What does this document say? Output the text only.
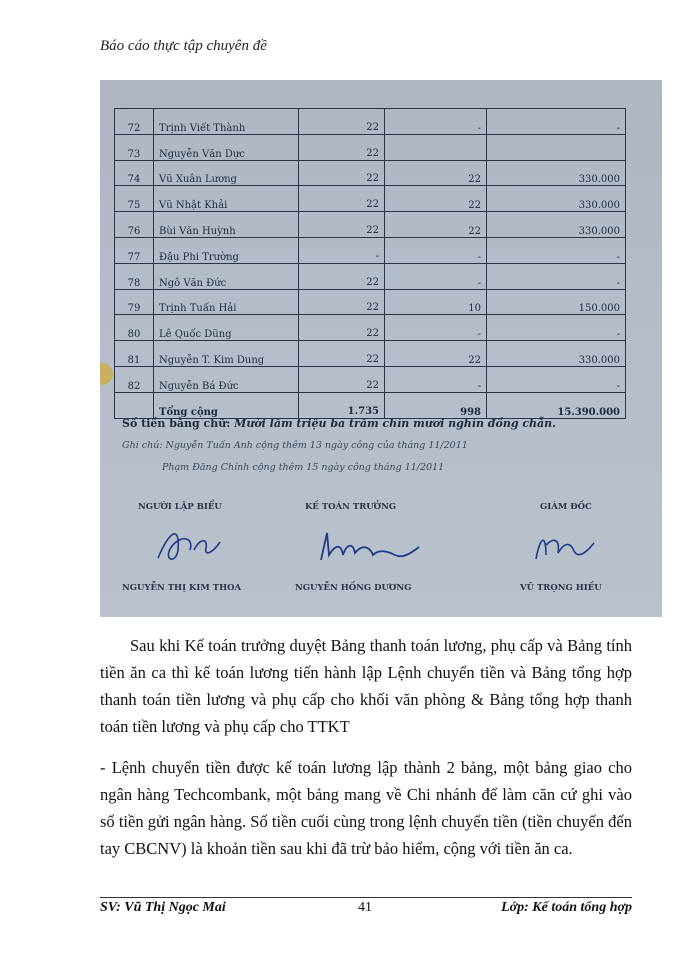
Báo cáo thực tập chuyên đề
72	Trịnh Viết Thành	22	-	-
73	Nguyễn Văn Dực	22		
74	Vũ Xuân Lương	22	22	330.000
75	Vũ Nhật Khải	22	22	330.000
76	Bùi Văn Huỳnh	22	22	330.000
77	Đậu Phi Trường	-	-	-
78	Ngô Văn Đức	22	-	-
79	Trịnh Tuấn Hải	22	10	150.000
80	Lê Quốc Dũng	22	-	-
81	Nguyễn T. Kim Dung	22	22	330.000
82	Nguyễn Bá Đức	22	-	-
	Tổng cộng	1.735	998	15.390.000
Số tiền bằng chữ: Mười lăm triệu ba trăm chín mươi nghìn đồng chẵn.
Ghi chú: Nguyễn Tuấn Anh cộng thêm 13 ngày công của tháng 11/2011
Phạm Đăng Chính cộng thêm 15 ngày công tháng 11/2011
NGƯỜI LẬP BIỂU	KẾ TOÁN TRƯỞNG	GIÁM ĐỐC
NGUYỄN THỊ KIM THOA	NGUYỄN HỒNG DƯƠNG	VŨ TRỌNG HIẾU
Sau khi Kế toán trưởng duyệt Bảng thanh toán lương, phụ cấp và Bảng tính tiền ăn ca thì kế toán lương tiến hành lập Lệnh chuyển tiền và Bảng tổng hợp thanh toán tiền lương và phụ cấp cho khối văn phòng & Bảng tổng hợp thanh toán tiền lương và phụ cấp cho TTKT
- Lệnh chuyển tiền được kế toán lương lập thành 2 bảng, một bảng giao cho ngân hàng Techcombank, một bảng mang về Chi nhánh để làm căn cứ ghi vào sổ tiền gửi ngân hàng. Số tiền cuối cùng trong lệnh chuyển tiền (tiền chuyển đến tay CBCNV) là khoản tiền sau khi đã trừ bảo hiểm, cộng với tiền ăn ca.
SV: Vũ Thị Ngọc Mai	41	Lớp: Kế toán tổng hợp
